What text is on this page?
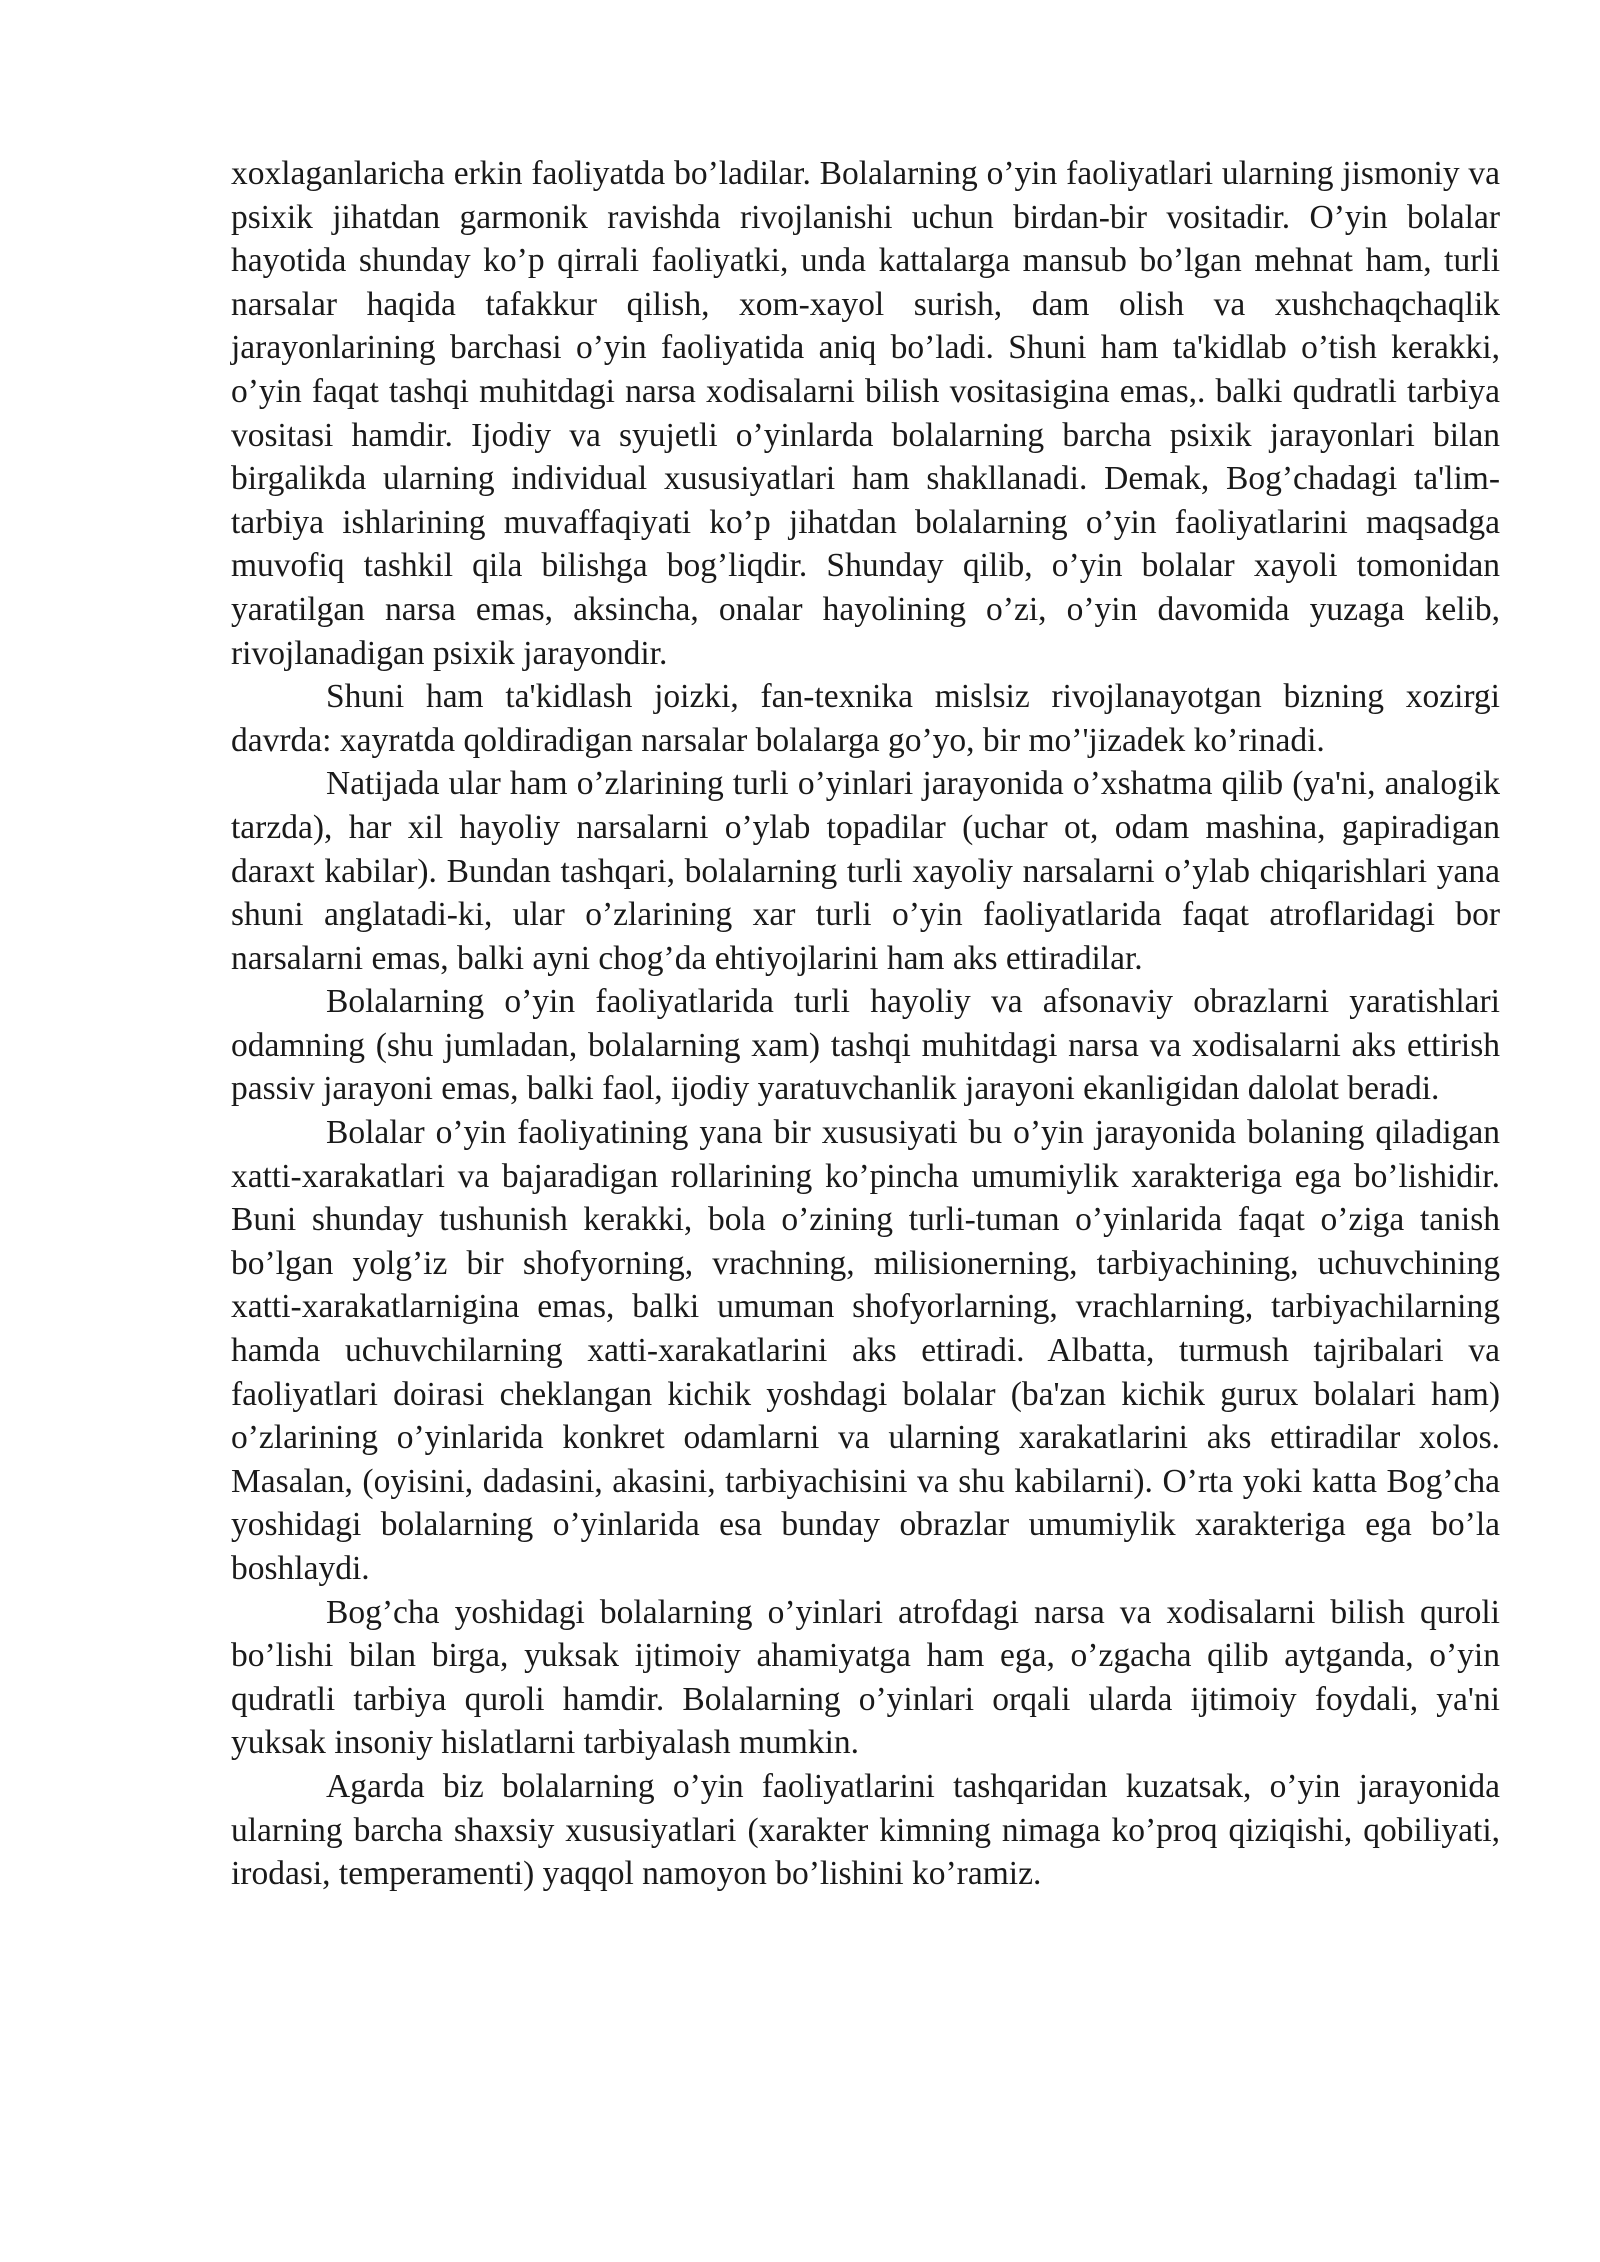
xoxlaganlaricha erkin faoliyatda bo’ladilar. Bolalarning o’yin faoliyatlari ularning jismoniy va psixik jihatdan garmonik ravishda rivojlanishi uchun birdan-bir vositadir. O’yin bolalar hayotida shunday ko’p qirrali faoliyatki, unda kattalarga mansub bo’lgan mehnat ham, turli narsalar haqida tafakkur qilish, xom-xayol surish, dam olish va xushchaqchaqlik jarayonlarining barchasi o’yin faoliyatida aniq bo’ladi. Shuni ham ta'kidlab o’tish kerakki, o’yin faqat tashqi muhitdagi narsa xodisalarni bilish vositasigina emas,. balki qudratli tarbiya vositasi hamdir. Ijodiy va syujetli o’yinlarda bolalarning barcha psixik jarayonlari bilan birgalikda ularning individual xususiyatlari ham shakllanadi. Demak, Bog’chadagi ta'lim-tarbiya ishlarining muvaffaqiyati ko’p jihatdan bolalarning o’yin faoliyatlarini maqsadga muvofiq tashkil qila bilishga bog’liqdir. Shunday qilib, o’yin bolalar xayoli tomonidan yaratilgan narsa emas, aksincha, onalar hayolining o’zi, o’yin davomida yuzaga kelib, rivojlanadigan psixik jarayondir.

Shuni ham ta'kidlash joizki, fan-texnika mislsiz rivojlanayotgan bizning xozirgi davrda: xayratda qoldiradigan narsalar bolalarga go’yo, bir mo’'jizadek ko’rinadi.

Natijada ular ham o’zlarining turli o’yinlari jarayonida o’xshatma qilib (ya'ni, analogik tarzda), har xil hayoliy narsalarni o’ylab topadilar (uchar ot, odam mashina, gapiradigan daraxt kabilar). Bundan tashqari, bolalarning turli xayoliy narsalarni o’ylab chiqarishlari yana shuni anglatadi-ki, ular o’zlarining xar turli o’yin faoliyatlarida faqat atroflaridagi bor narsalarni emas, balki ayni chog’da ehtiyojlarini ham aks ettiradilar.

Bolalarning o’yin faoliyatlarida turli hayoliy va afsonaviy obrazlarni yaratishlari odamning (shu jumladan, bolalarning xam) tashqi muhitdagi narsa va xodisalarni aks ettirish passiv jarayoni emas, balki faol, ijodiy yaratuvchanlik jarayoni ekanligidan dalolat beradi.

Bolalar o’yin faoliyatining yana bir xususiyati bu o’yin jarayonida bolaning qiladigan xatti-xarakatlari va bajaradigan rollarining ko’pincha umumiylik xarakteriga ega bo’lishidir. Buni shunday tushunish kerakki, bola o’zining turli-tuman o’yinlarida faqat o’ziga tanish bo’lgan yolg’iz bir shofyorning, vrachning, milisionerning, tarbiyachining, uchuvchining xatti-xarakatlarnigina emas, balki umuman shofyorlarning, vrachlarning, tarbiyachilarning hamda uchuvchilarning xatti-xarakatlarini aks ettiradi. Albatta, turmush tajribalari va faoliyatlari doirasi cheklangan kichik yoshdagi bolalar (ba'zan kichik gurux bolalari ham) o’zlarining o’yinlarida konkret odamlarni va ularning xarakatlarini aks ettiradilar xolos. Masalan, (oyisini, dadasini, akasini, tarbiyachisini va shu kabilarni). O’rta yoki katta Bog’cha yoshidagi bolalarning o’yinlarida esa bunday obrazlar umumiylik xarakteriga ega bo’la boshlaydi.

Bog’cha yoshidagi bolalarning o’yinlari atrofdagi narsa va xodisalarni bilish quroli bo’lishi bilan birga, yuksak ijtimoiy ahamiyatga ham ega, o’zgacha qilib aytganda, o’yin qudratli tarbiya quroli hamdir. Bolalarning o’yinlari orqali ularda ijtimoiy foydali, ya'ni yuksak insoniy hislatlarni tarbiyalash mumkin.

Agarda biz bolalarning o’yin faoliyatlarini tashqaridan kuzatsak, o’yin jarayonida ularning barcha shaxsiy xususiyatlari (xarakter kimning nimaga ko’proq qiziqishi, qobiliyati, irodasi, temperamenti) yaqqol namoyon bo’lishini ko’ramiz.
